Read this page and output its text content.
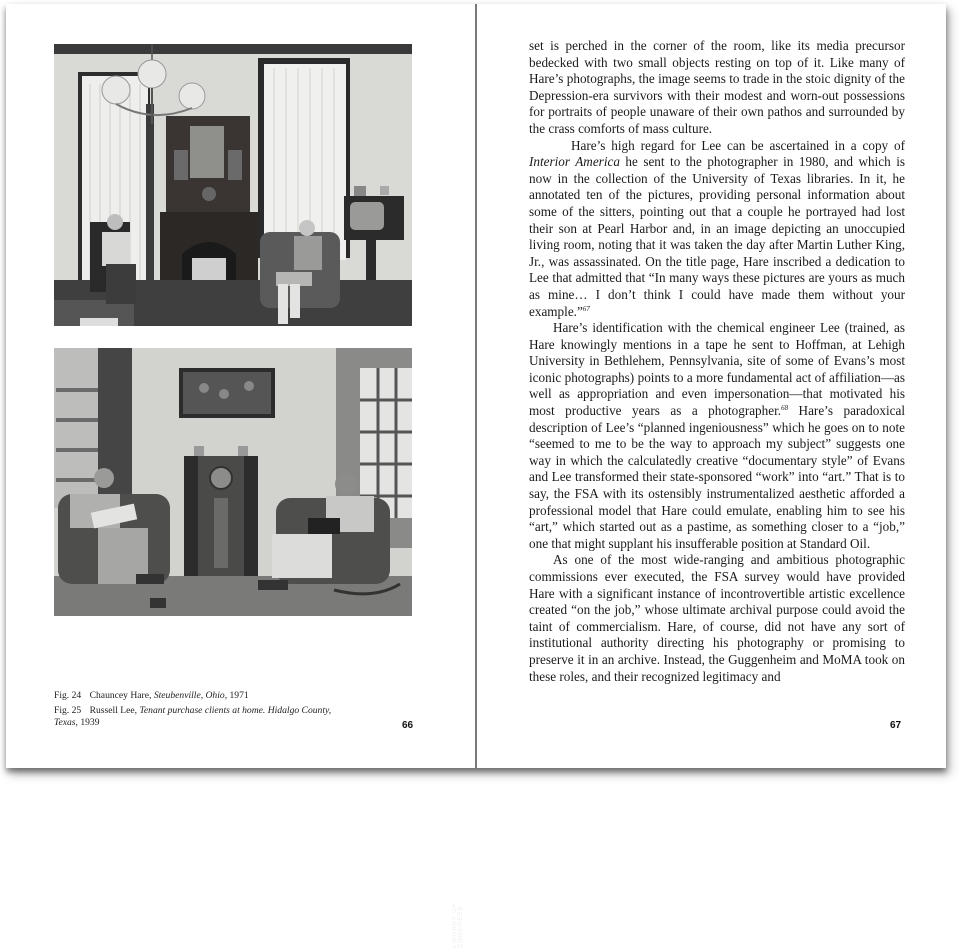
LIBRARY OF CONGRESS

Fig. 24 Chauncey Hare, Steubenville, Ohio, 1971

Fig. 25 Russell Lee, Tenant purchase clients at home. Hidalgo County, Texas, 1939	66

set is perched in the corner of the room, like its media precursor bedecked with two small objects resting on top of it. Like many of Hare’s photographs, the image seems to trade in the stoic dignity of the Depression-era survivors with their modest and worn-out possessions for portraits of people unaware of their own pathos and surrounded by the crass comforts of mass culture.

Hare’s high regard for Lee can be ascertained in a copy of Interior America he sent to the photographer in 1980, and which is now in the collection of the University of Texas libraries. In it, he annotated ten of the pictures, providing personal information about some of the sitters, pointing out that a couple he portrayed had lost their son at Pearl Harbor and, in an image depicting an unoccupied living room, noting that it was taken the day after Martin Luther King, Jr., was assassinated. On the title page, Hare inscribed a dedication to Lee that admitted that “In many ways these pictures are yours as much as mine… I don’t think I could have made them without your example.”$^{67}$

Hare’s identification with the chemical engineer Lee (trained, as Hare knowingly mentions in a tape he sent to Hoffman, at Lehigh University in Bethlehem, Pennsylvania, site of some of Evans’s most iconic photographs) points to a more fundamental act of affiliation—as well as appropriation and even impersonation—that motivated his most productive years as a photographer.$^{68}$ Hare’s paradoxical description of Lee’s “planned ingeniousness” which he goes on to note “seemed to me to be the way to approach my subject” suggests one way in which the calculatedly creative “documentary style” of Evans and Lee transformed their state-sponsored “work” into “art.” That is to say, the FSA with its ostensibly instrumentalized aesthetic afforded a professional model that Hare could emulate, enabling him to see his “art,” which started out as a pastime, as something closer to a “job,” one that might supplant his insufferable position at Standard Oil.

As one of the most wide-ranging and ambitious photographic commissions ever executed, the FSA survey would have provided Hare with a significant instance of incontrovertible artistic excellence created “on the job,” whose ultimate archival purpose could avoid the taint of commercialism. Hare, of course, did not have any sort of institutional authority directing his photography or promising to preserve it in an archive. Instead, the Guggenheim and MoMA took on these roles, and their recognized legitimacy and

67
